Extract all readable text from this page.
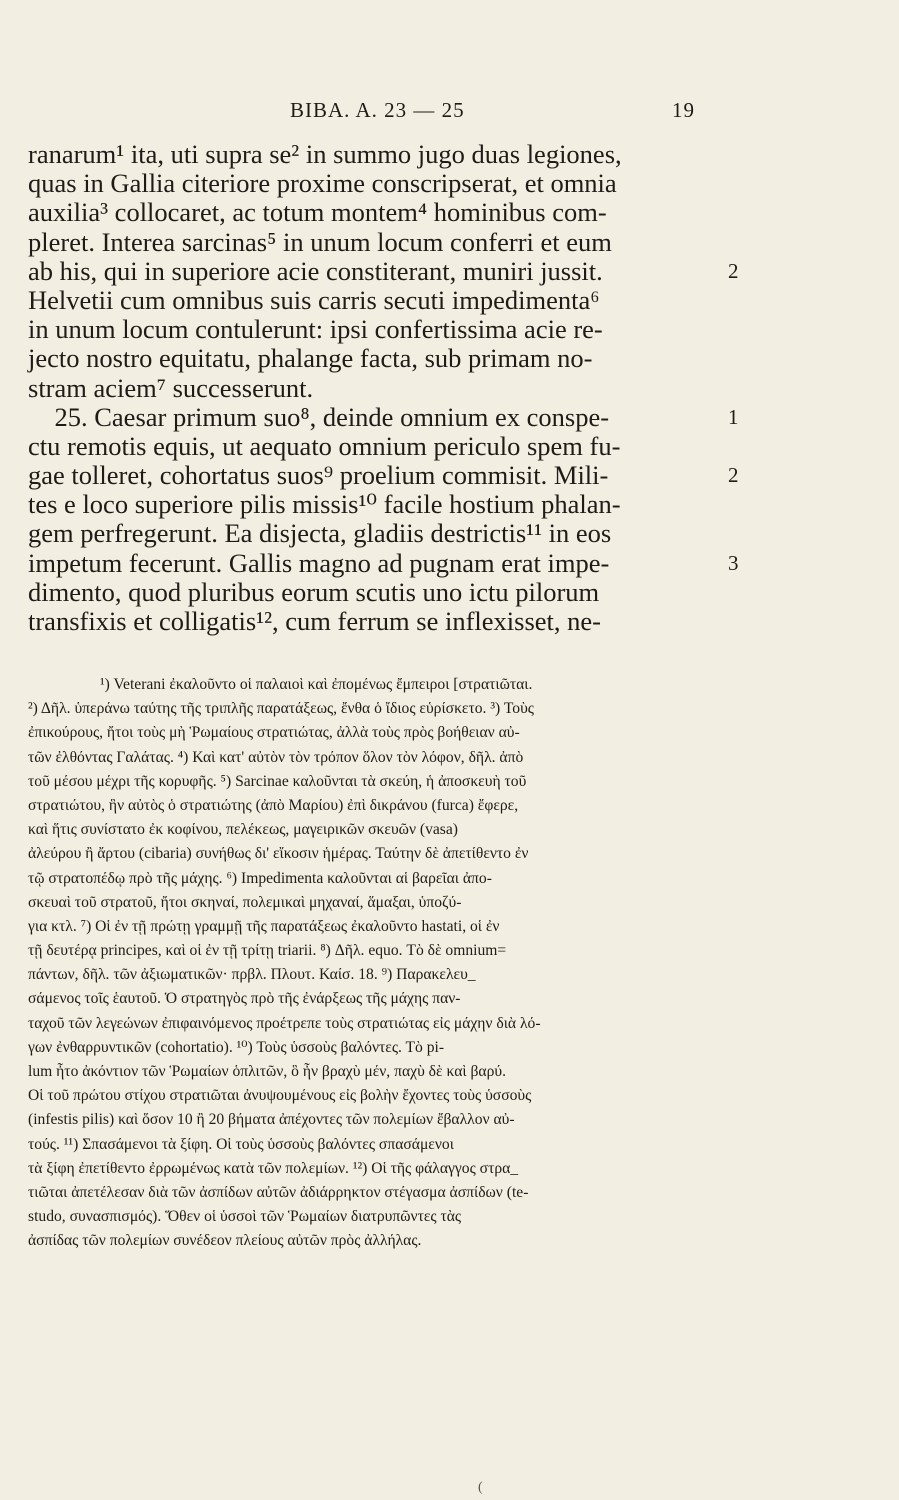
BIBA. A. 23 — 25	19
ranarum¹ ita, uti supra se² in summo jugo duas legiones,
quas in Gallia citeriore proxime conscripserat, et omnia
auxilia³ collocaret, ac totum montem⁴ hominibus com-
pleret. Interea sarcinas⁵ in unum locum conferri et eum
ab his, qui in superiore acie constiterant, muniri jussit.	2
Helvetii cum omnibus suis carris secuti impedimenta⁶
in unum locum contulerunt: ipsi confertissima acie re-
jecto nostro equitatu, phalange facta, sub primam no-
stram aciem⁷ successerunt.
25. Caesar primum suo⁸, deinde omnium ex conspe-	1
ctu remotis equis, ut aequato omnium periculo spem fu-
gae tolleret, cohortatus suos⁹ proelium commisit. Mili-	2
tes e loco superiore pilis missis¹⁰ facile hostium phalan-
gem perfregerunt. Ea disjecta, gladiis destrictis¹¹ in eos
impetum fecerunt. Gallis magno ad pugnam erat impe-	3
dimento, quod pluribus eorum scutis uno ictu pilorum
transfixis et colligatis¹², cum ferrum se inflexisset, ne-
¹) Veterani ἐκαλοῦντο οἱ παλαιοὶ καὶ ἐπομένως ἔμπειροι [στρατιῶται.
²) Δῆλ. ὑπεράνω ταύτης τῆς τριπλῆς παρατάξεως, ἔνθα ὁ ἴδιος εὑρίσκετο. ³) Τοὺς
ἐπικούρους, ἤτοι τοὺς μὴ Ῥωμαίους στρατιώτας, ἀλλὰ τοὺς πρὸς βοήθειαν αὐ-
τῶν ἐλθόντας Γαλάτας. ⁴) Καὶ κατ' αὐτὸν τὸν τρόπον ὅλον τὸν λόφον, δῆλ. ἀπὸ
τοῦ μέσου μέχρι τῆς κορυφῆς. ⁵) Sarcinae καλοῦνται τὰ σκεύη, ἡ ἀποσκευὴ τοῦ
στρατιώτου, ἣν αὐτὸς ὁ στρατιώτης (ἀπὸ Μαρίου) ἐπὶ δικράνου (furca) ἔφερε,
καὶ ἥτις συνίστατο ἐκ κοφίνου, πελέκεως, μαγειρικῶν σκευῶν (vasa)
ἀλεύρου ἢ ἄρτου (cibaria) συνήθως δι' εἴκοσιν ἡμέρας. Ταύτην δὲ ἀπετίθεντο ἐν
τῷ στρατοπέδῳ πρὸ τῆς μάχης. ⁶) Impedimenta καλοῦνται αἱ βαρεῖαι ἀπο-
σκευαὶ τοῦ στρατοῦ, ἤτοι σκηναί, πολεμικαὶ μηχαναί, ἅμαξαι, ὑποζύ-
για κτλ. ⁷) Οἱ ἐν τῇ πρώτῃ γραμμῇ τῆς παρατάξεως ἐκαλοῦντο hastati, οἱ ἐν
τῇ δευτέρᾳ principes, καὶ οἱ ἐν τῇ τρίτῃ triarii. ⁸) Δῆλ. equo. Τὸ δὲ omnium=
πάντων, δῆλ. τῶν ἀξιωματικῶν· πρβλ. Πλουτ. Καίσ. 18. ⁹) Παρακελευ_
σάμενος τοῖς ἑαυτοῦ. Ὁ στρατηγὸς πρὸ τῆς ἐνάρξεως τῆς μάχης παν-
ταχοῦ τῶν λεγεώνων ἐπιφαινόμενος προέτρεπε τοὺς στρατιώτας εἰς μάχην διὰ λό-
γων ἐνθαρρυντικῶν (cohortatio). ¹⁰) Τοὺς ὑσσοὺς βαλόντες. Τὸ pi-
lum ἦτο ἀκόντιον τῶν Ῥωμαίων ὁπλιτῶν, ὃ ἦν βραχὺ μέν, παχὺ δὲ καὶ βαρύ.
Οἱ τοῦ πρώτου στίχου στρατιῶται ἀνυψουμένους εἰς βολὴν ἔχοντες τοὺς ὑσσοὺς
(infestis pilis) καὶ ὅσον 10 ἢ 20 βήματα ἀπέχοντες τῶν πολεμίων ἔβαλλον αὐ-
τούς. ¹¹) Σπασάμενοι τὰ ξίφη. Οἱ τοὺς ὑσσοὺς βαλόντες σπασάμενοι
τὰ ξίφη ἐπετίθεντο ἐρρωμένως κατὰ τῶν πολεμίων. ¹²) Οἱ τῆς φάλαγγος στρα_
τιῶται ἀπετέλεσαν διὰ τῶν ἀσπίδων αὐτῶν ἀδιάρρηκτον στέγασμα ἀσπίδων (te-
studo, συνασπισμός). Ὅθεν οἱ ὑσσοὶ τῶν Ῥωμαίων διατρυπῶντες τὰς
ἀσπίδας τῶν πολεμίων συνέδεον πλείους αὐτῶν πρὸς ἀλλήλας.
(
